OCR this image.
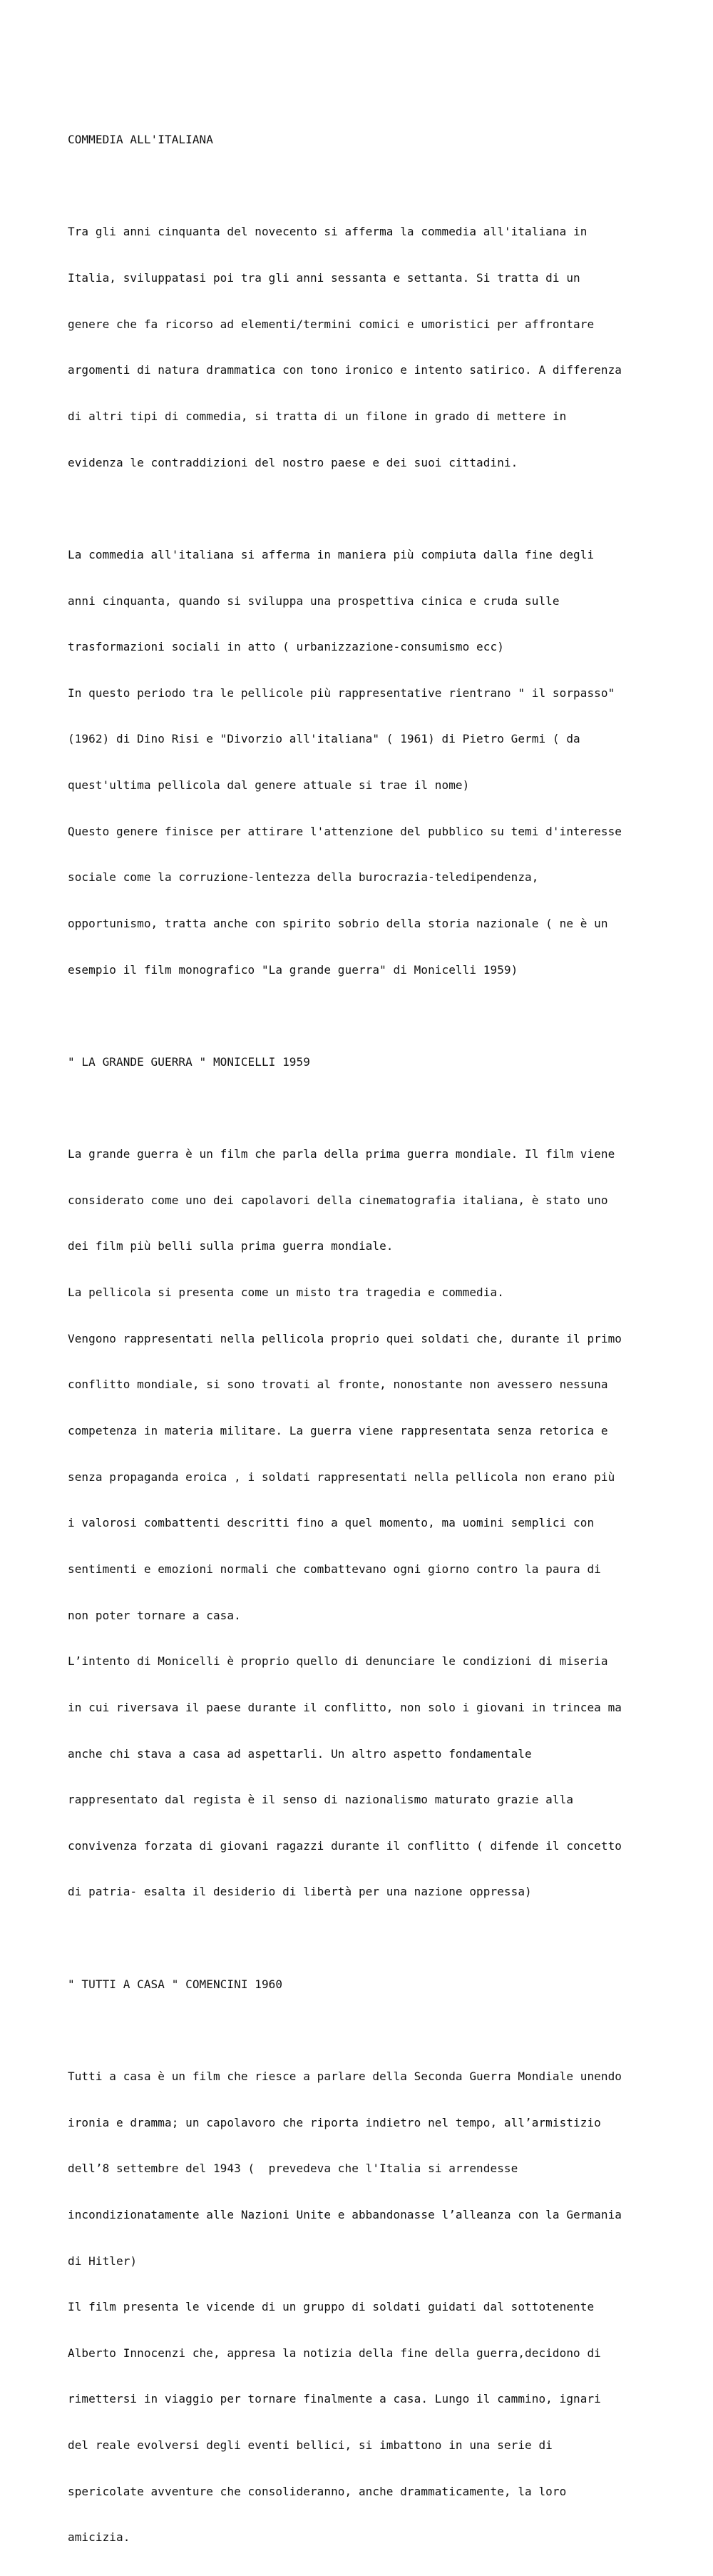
COMMEDIA ALL'ITALIANA

Tra gli anni cinquanta del novecento si afferma la commedia all'italiana in

Italia, sviluppatasi poi tra gli anni sessanta e settanta. Si tratta di un

genere che fa ricorso ad elementi/termini comici e umoristici per affrontare

argomenti di natura drammatica con tono ironico e intento satirico. A differenza

di altri tipi di commedia, si tratta di un filone in grado di mettere in

evidenza le contraddizioni del nostro paese e dei suoi cittadini.

La commedia all'italiana si afferma in maniera più compiuta dalla fine degli

anni cinquanta, quando si sviluppa una prospettiva cinica e cruda sulle

trasformazioni sociali in atto ( urbanizzazione-consumismo ecc)

In questo periodo tra le pellicole più rappresentative rientrano " il sorpasso"

(1962) di Dino Risi e "Divorzio all'italiana" ( 1961) di Pietro Germi ( da

quest'ultima pellicola dal genere attuale si trae il nome)

Questo genere finisce per attirare l'attenzione del pubblico su temi d'interesse

sociale come la corruzione-lentezza della burocrazia-teledipendenza,

opportunismo, tratta anche con spirito sobrio della storia nazionale ( ne è un

esempio il film monografico "La grande guerra" di Monicelli 1959)

" LA GRANDE GUERRA " MONICELLI 1959

La grande guerra è un film che parla della prima guerra mondiale. Il film viene

considerato come uno dei capolavori della cinematografia italiana, è stato uno

dei film più belli sulla prima guerra mondiale.

La pellicola si presenta come un misto tra tragedia e commedia.

Vengono rappresentati nella pellicola proprio quei soldati che, durante il primo

conflitto mondiale, si sono trovati al fronte, nonostante non avessero nessuna

competenza in materia militare. La guerra viene rappresentata senza retorica e

senza propaganda eroica , i soldati rappresentati nella pellicola non erano più

i valorosi combattenti descritti fino a quel momento, ma uomini semplici con

sentimenti e emozioni normali che combattevano ogni giorno contro la paura di

non poter tornare a casa.

L’intento di Monicelli è proprio quello di denunciare le condizioni di miseria

in cui riversava il paese durante il conflitto, non solo i giovani in trincea ma

anche chi stava a casa ad aspettarli. Un altro aspetto fondamentale

rappresentato dal regista è il senso di nazionalismo maturato grazie alla

convivenza forzata di giovani ragazzi durante il conflitto ( difende il concetto

di patria- esalta il desiderio di libertà per una nazione oppressa)

" TUTTI A CASA " COMENCINI 1960

Tutti a casa è un film che riesce a parlare della Seconda Guerra Mondiale unendo

ironia e dramma; un capolavoro che riporta indietro nel tempo, all’armistizio

dell’8 settembre del 1943 (  prevedeva che l'Italia si arrendesse

incondizionatamente alle Nazioni Unite e abbandonasse l’alleanza con la Germania

di Hitler)

Il film presenta le vicende di un gruppo di soldati guidati dal sottotenente

Alberto Innocenzi che, appresa la notizia della fine della guerra,decidono di

rimettersi in viaggio per tornare finalmente a casa. Lungo il cammino, ignari

del reale evolversi degli eventi bellici, si imbattono in una serie di

spericolate avventure che consolideranno, anche drammaticamente, la loro

amicizia.
